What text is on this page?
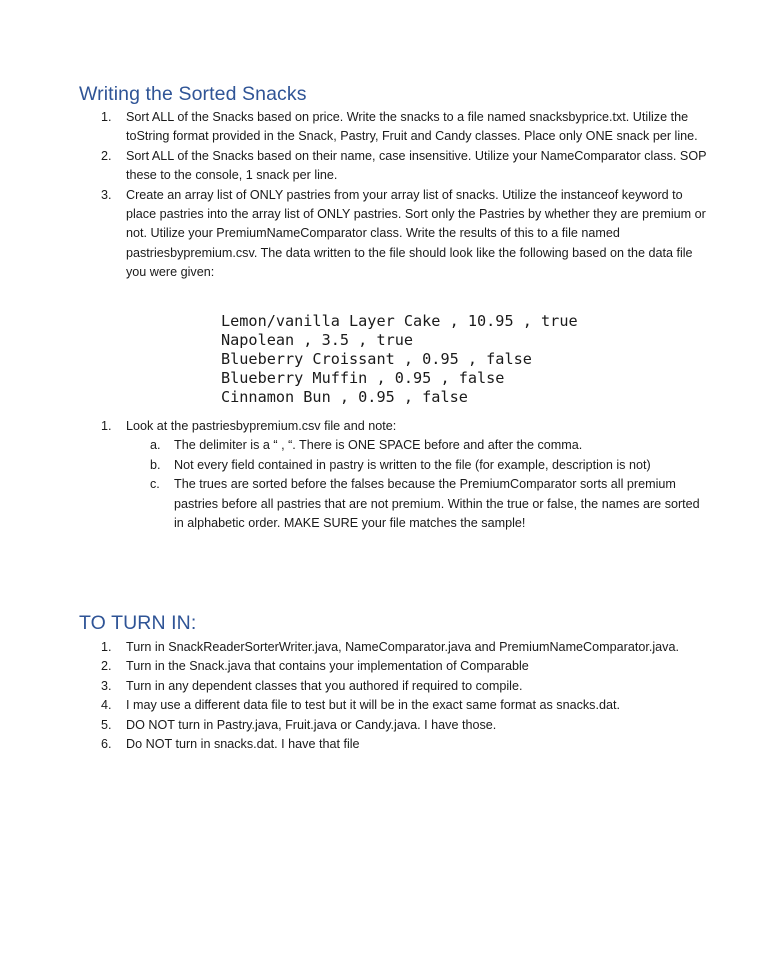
Writing the Sorted Snacks
1. Sort ALL of the Snacks based on price. Write the snacks to a file named snacksbyprice.txt. Utilize the toString format provided in the Snack, Pastry, Fruit and Candy classes. Place only ONE snack per line.
2. Sort ALL of the Snacks based on their name, case insensitive. Utilize your NameComparator class. SOP these to the console, 1 snack per line.
3. Create an array list of ONLY pastries from your array list of snacks. Utilize the instanceof keyword to place pastries into the array list of ONLY pastries. Sort only the Pastries by whether they are premium or not. Utilize your PremiumNameComparator class. Write the results of this to a file named pastriesbypremium.csv. The data written to the file should look like the following based on the data file you were given:
Lemon/vanilla Layer Cake , 10.95 , true
Napolean , 3.5 , true
Blueberry Croissant , 0.95 , false
Blueberry Muffin , 0.95 , false
Cinnamon Bun , 0.95 , false
1. Look at the pastriesbypremium.csv file and note:
a. The delimiter is a “ , “. There is ONE SPACE before and after the comma.
b. Not every field contained in pastry is written to the file (for example, description is not)
c. The trues are sorted before the falses because the PremiumComparator sorts all premium pastries before all pastries that are not premium. Within the true or false, the names are sorted in alphabetic order. MAKE SURE your file matches the sample!
TO TURN IN:
1. Turn in SnackReaderSorterWriter.java, NameComparator.java and PremiumNameComparator.java.
2. Turn in the Snack.java that contains your implementation of Comparable
3. Turn in any dependent classes that you authored if required to compile.
4. I may use a different data file to test but it will be in the exact same format as snacks.dat.
5. DO NOT turn in Pastry.java, Fruit.java or Candy.java. I have those.
6. Do NOT turn in snacks.dat. I have that file
